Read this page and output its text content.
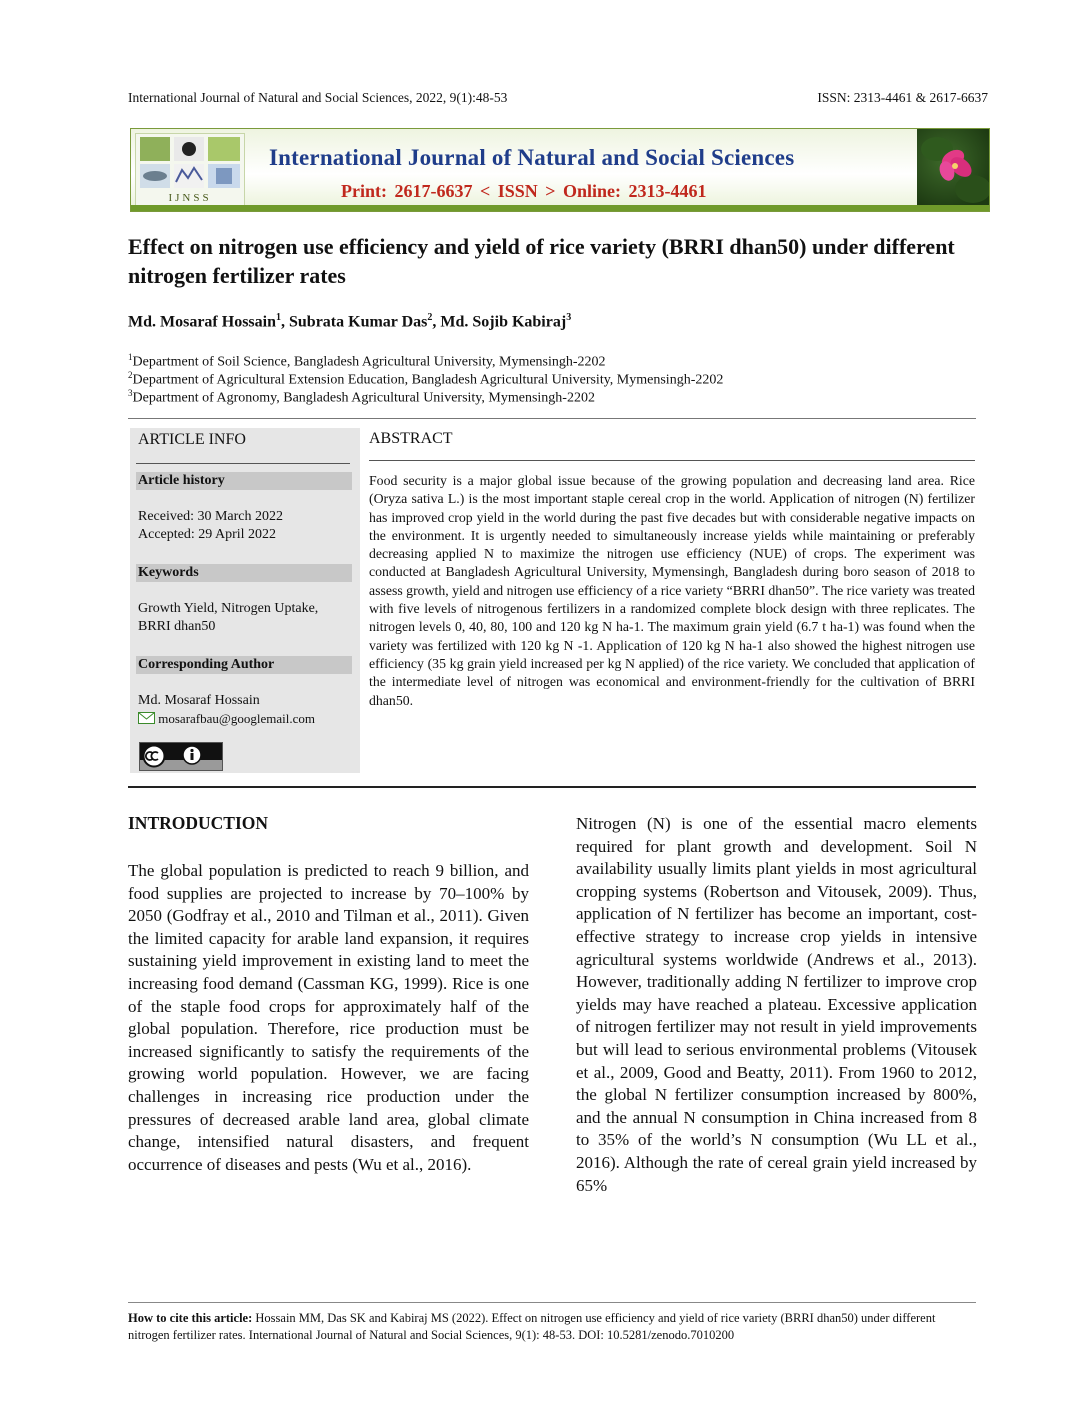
International Journal of Natural and Social Sciences, 2022, 9(1):48-53	ISSN: 2313-4461 & 2617-6637
IJNSS
International Journal of Natural and Social Sciences
Print: 2617-6637 < ISSN > Online: 2313-4461
Effect on nitrogen use efficiency and yield of rice variety (BRRI dhan50) under different nitrogen fertilizer rates
Md. Mosaraf Hossain$^1$, Subrata Kumar Das$^2$, Md. Sojib Kabiraj$^3$
$^1$Department of Soil Science, Bangladesh Agricultural University, Mymensingh-2202
$^2$Department of Agricultural Extension Education, Bangladesh Agricultural University, Mymensingh-2202
$^3$Department of Agronomy, Bangladesh Agricultural University, Mymensingh-2202
ARTICLE INFO
Article history
Received: 30 March 2022
Accepted: 29 April 2022
Keywords
Growth Yield, Nitrogen Uptake, BRRI dhan50
Corresponding Author
Md. Mosaraf Hossain
mosarafbau@googlemail.com
ABSTRACT
Food security is a major global issue because of the growing population and decreasing land area. Rice (Oryza sativa L.) is the most important staple cereal crop in the world. Application of nitrogen (N) fertilizer has improved crop yield in the world during the past five decades but with considerable negative impacts on the environment. It is urgently needed to simultaneously increase yields while maintaining or preferably decreasing applied N to maximize the nitrogen use efficiency (NUE) of crops. The experiment was conducted at Bangladesh Agricultural University, Mymensingh, Bangladesh during boro season of 2018 to assess growth, yield and nitrogen use efficiency of a rice variety “BRRI dhan50”. The rice variety was treated with five levels of nitrogenous fertilizers in a randomized complete block design with three replicates. The nitrogen levels 0, 40, 80, 100 and 120 kg N ha-1. The maximum grain yield (6.7 t ha-1) was found when the variety was fertilized with 120 kg N -1. Application of 120 kg N ha-1 also showed the highest nitrogen use efficiency (35 kg grain yield increased per kg N applied) of the rice variety. We concluded that application of the intermediate level of nitrogen was economical and environment-friendly for the cultivation of BRRI dhan50.
INTRODUCTION
The global population is predicted to reach 9 billion, and food supplies are projected to increase by 70–100% by 2050 (Godfray et al., 2010 and Tilman et al., 2011). Given the limited capacity for arable land expansion, it requires sustaining yield improvement in existing land to meet the increasing food demand (Cassman KG, 1999). Rice is one of the staple food crops for approximately half of the global population. Therefore, rice production must be increased significantly to satisfy the requirements of the growing world population. However, we are facing challenges in increasing rice production under the pressures of decreased arable land area, global climate change, intensified natural disasters, and frequent occurrence of diseases and pests (Wu et al., 2016).
Nitrogen (N) is one of the essential macro elements required for plant growth and development. Soil N availability usually limits plant yields in most agricultural cropping systems (Robertson and Vitousek, 2009). Thus, application of N fertilizer has become an important, cost-effective strategy to increase crop yields in intensive agricultural systems worldwide (Andrews et al., 2013). However, traditionally adding N fertilizer to improve crop yields may have reached a plateau. Excessive application of nitrogen fertilizer may not result in yield improvements but will lead to serious environmental problems (Vitousek et al., 2009, Good and Beatty, 2011). From 1960 to 2012, the global N fertilizer consumption increased by 800%, and the annual N consumption in China increased from 8 to 35% of the world’s N consumption (Wu LL et al., 2016). Although the rate of cereal grain yield increased by 65%
How to cite this article: Hossain MM, Das SK and Kabiraj MS (2022). Effect on nitrogen use efficiency and yield of rice variety (BRRI dhan50) under different nitrogen fertilizer rates. International Journal of Natural and Social Sciences, 9(1): 48-53. DOI: 10.5281/zenodo.7010200
